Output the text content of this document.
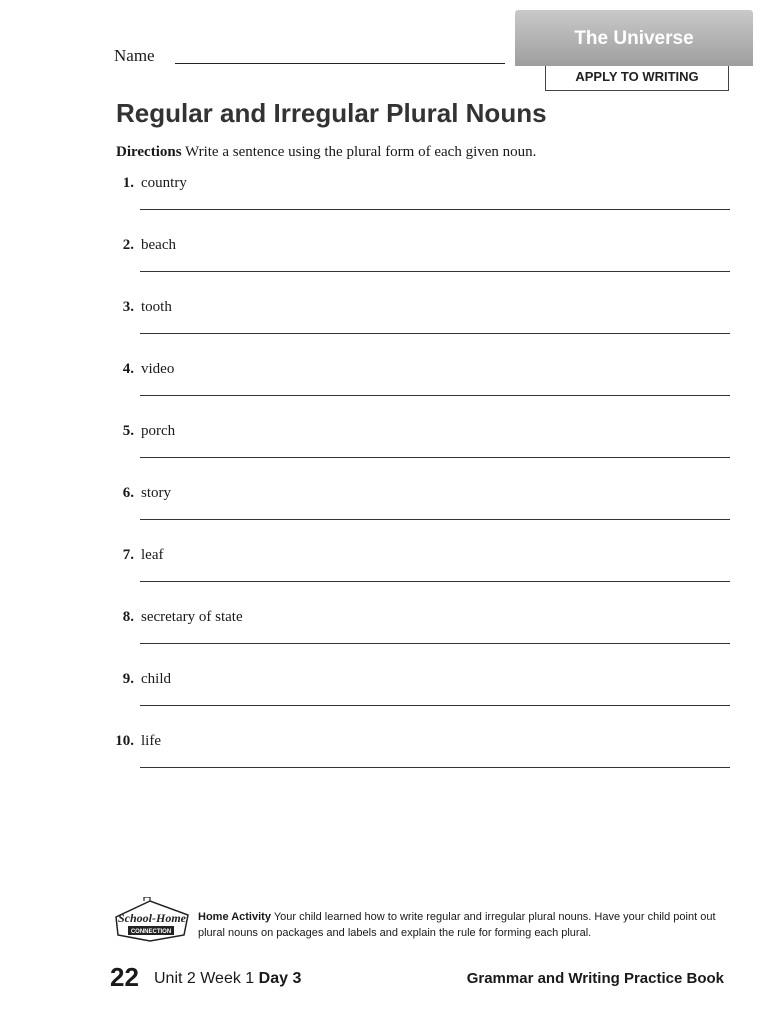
Name
The Universe
APPLY TO WRITING
Regular and Irregular Plural Nouns
Directions Write a sentence using the plural form of each given noun.
1. country
2. beach
3. tooth
4. video
5. porch
6. story
7. leaf
8. secretary of state
9. child
10. life
School-Home
CONNECTION
Home Activity Your child learned how to write regular and irregular plural nouns. Have your child point out plural nouns on packages and labels and explain the rule for forming each plural.
22 Unit 2 Week 1 Day 3	Grammar and Writing Practice Book
